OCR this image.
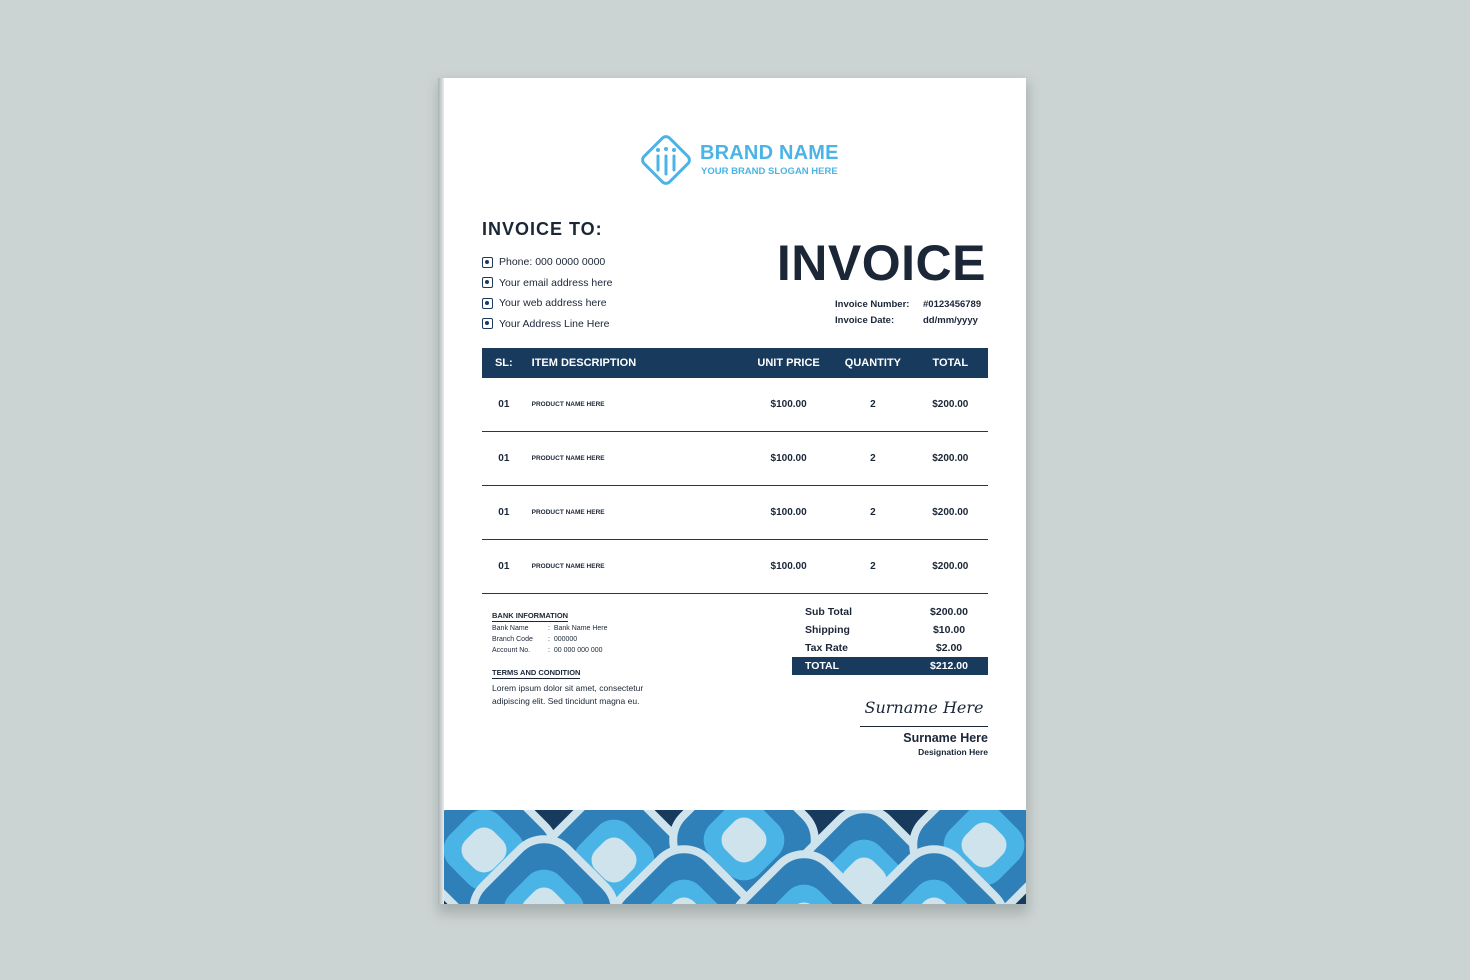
BRAND NAME
YOUR BRAND SLOGAN HERE
INVOICE TO:
Phone: 000 0000 0000
Your email address here
Your web address here
Your Address Line Here
INVOICE
Invoice Number:	#0123456789
Invoice Date:	dd/mm/yyyy
SL:	ITEM DESCRIPTION	UNIT PRICE	QUANTITY	TOTAL
01	PRODUCT NAME HERE	$100.00	2	$200.00
01	PRODUCT NAME HERE	$100.00	2	$200.00
01	PRODUCT NAME HERE	$100.00	2	$200.00
01	PRODUCT NAME HERE	$100.00	2	$200.00
BANK INFORMATION
Bank Name	: Bank Name Here
Branch Code	: 000000
Account No.	: 00 000 000 000
TERMS AND CONDITION
Lorem ipsum dolor sit amet, consectetur adipiscing elit. Sed tincidunt magna eu.
Sub Total	$200.00
Shipping	$10.00
Tax Rate	$2.00
TOTAL	$212.00
Surname Here
Surname Here
Designation Here
